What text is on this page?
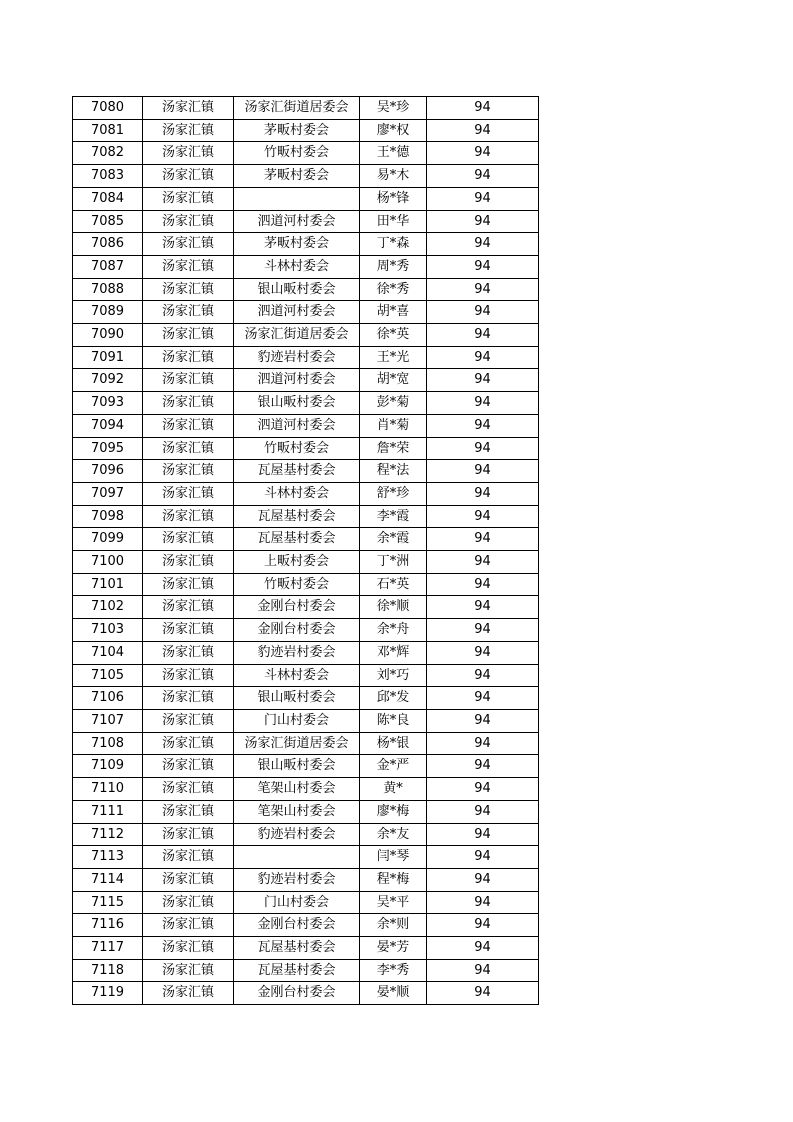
7080	汤家汇镇	汤家汇街道居委会	吴*珍	94
7081	汤家汇镇	茅畈村委会	廖*权	94
7082	汤家汇镇	竹畈村委会	王*德	94
7083	汤家汇镇	茅畈村委会	易*木	94
7084	汤家汇镇		杨*锋	94
7085	汤家汇镇	泗道河村委会	田*华	94
7086	汤家汇镇	茅畈村委会	丁*森	94
7087	汤家汇镇	斗林村委会	周*秀	94
7088	汤家汇镇	银山畈村委会	徐*秀	94
7089	汤家汇镇	泗道河村委会	胡*喜	94
7090	汤家汇镇	汤家汇街道居委会	徐*英	94
7091	汤家汇镇	豹迹岩村委会	王*光	94
7092	汤家汇镇	泗道河村委会	胡*宽	94
7093	汤家汇镇	银山畈村委会	彭*菊	94
7094	汤家汇镇	泗道河村委会	肖*菊	94
7095	汤家汇镇	竹畈村委会	詹*荣	94
7096	汤家汇镇	瓦屋基村委会	程*法	94
7097	汤家汇镇	斗林村委会	舒*珍	94
7098	汤家汇镇	瓦屋基村委会	李*霞	94
7099	汤家汇镇	瓦屋基村委会	余*霞	94
7100	汤家汇镇	上畈村委会	丁*洲	94
7101	汤家汇镇	竹畈村委会	石*英	94
7102	汤家汇镇	金刚台村委会	徐*顺	94
7103	汤家汇镇	金刚台村委会	余*舟	94
7104	汤家汇镇	豹迹岩村委会	邓*辉	94
7105	汤家汇镇	斗林村委会	刘*巧	94
7106	汤家汇镇	银山畈村委会	邱*发	94
7107	汤家汇镇	门山村委会	陈*良	94
7108	汤家汇镇	汤家汇街道居委会	杨*银	94
7109	汤家汇镇	银山畈村委会	金*严	94
7110	汤家汇镇	笔架山村委会	黄*	94
7111	汤家汇镇	笔架山村委会	廖*梅	94
7112	汤家汇镇	豹迹岩村委会	余*友	94
7113	汤家汇镇		闫*琴	94
7114	汤家汇镇	豹迹岩村委会	程*梅	94
7115	汤家汇镇	门山村委会	吴*平	94
7116	汤家汇镇	金刚台村委会	余*则	94
7117	汤家汇镇	瓦屋基村委会	晏*芳	94
7118	汤家汇镇	瓦屋基村委会	李*秀	94
7119	汤家汇镇	金刚台村委会	晏*顺	94
